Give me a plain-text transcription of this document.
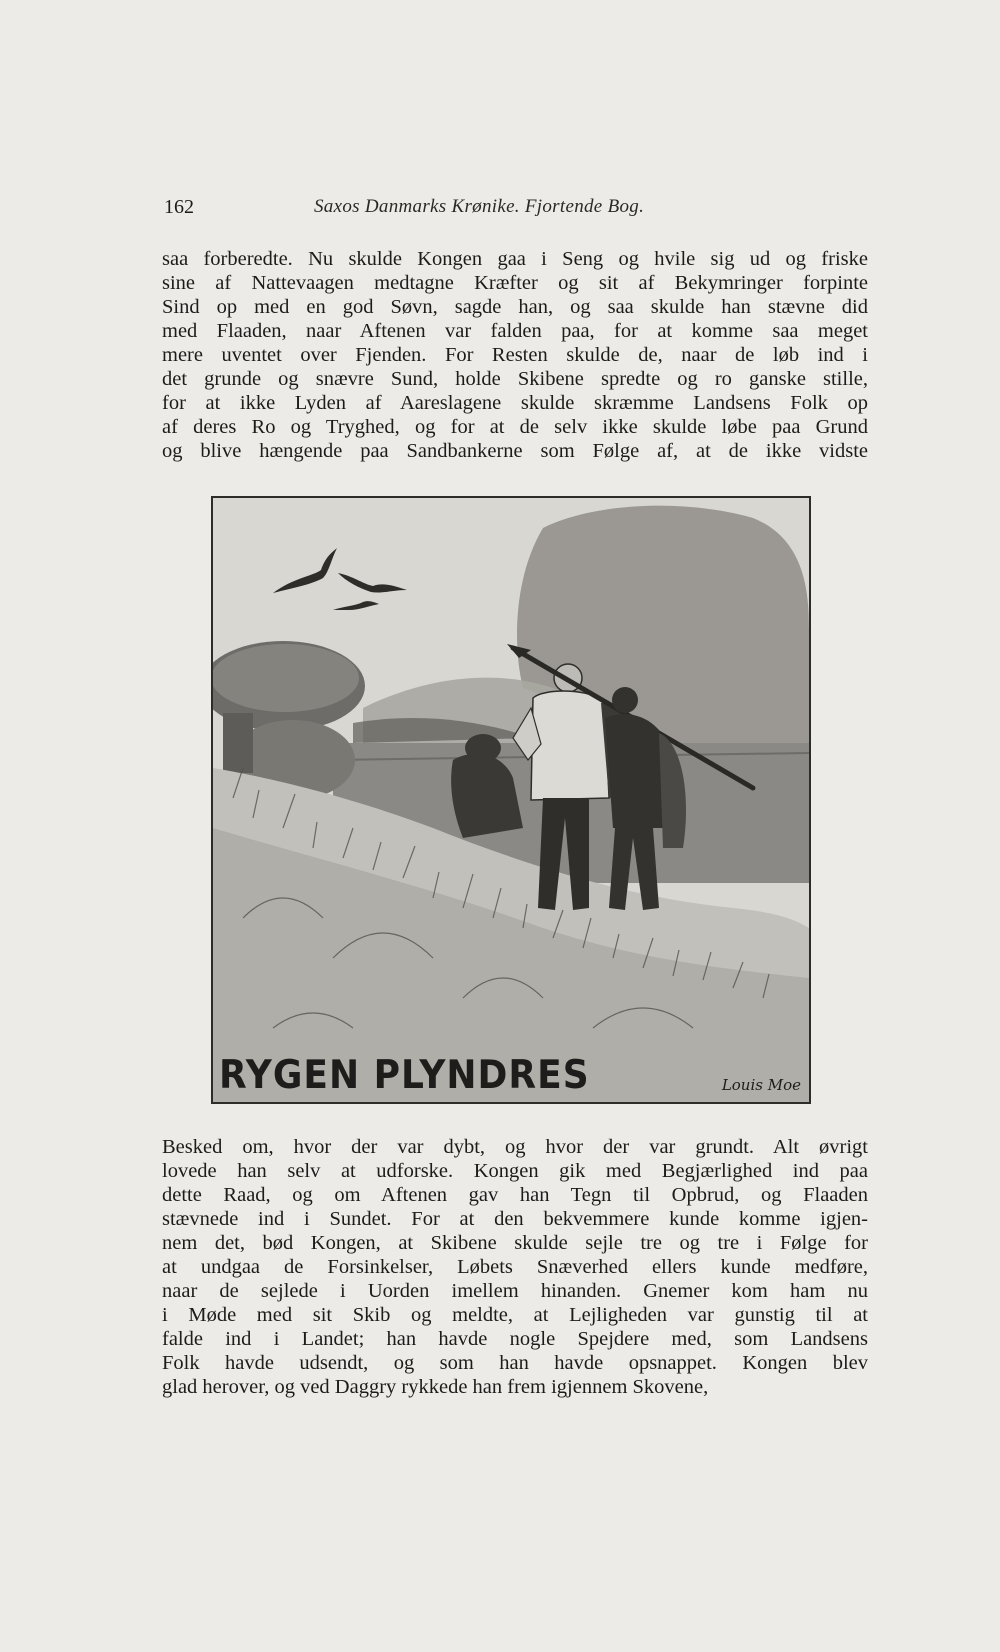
162	Saxos Danmarks Krønike. Fjortende Bog.
saa forberedte. Nu skulde Kongen gaa i Seng og hvile sig ud og friske
sine af Nattevaagen medtagne Kræfter og sit af Bekymringer forpinte
Sind op med en god Søvn, sagde han, og saa skulde han stævne did
med Flaaden, naar Aftenen var falden paa, for at komme saa meget
mere uventet over Fjenden. For Resten skulde de, naar de løb ind i
det grunde og snævre Sund, holde Skibene spredte og ro ganske stille,
for at ikke Lyden af Aareslagene skulde skræmme Landsens Folk op
af deres Ro og Tryghed, og for at de selv ikke skulde løbe paa Grund
og blive hængende paa Sandbankerne som Følge af, at de ikke vidste
RYGEN PLYNDRES	Louis Moe
Besked om, hvor der var dybt, og hvor der var grundt. Alt øvrigt
lovede han selv at udforske. Kongen gik med Begjærlighed ind paa
dette Raad, og om Aftenen gav han Tegn til Opbrud, og Flaaden
stævnede ind i Sundet. For at den bekvemmere kunde komme igjen-
nem det, bød Kongen, at Skibene skulde sejle tre og tre i Følge for
at undgaa de Forsinkelser, Løbets Snæverhed ellers kunde medføre,
naar de sejlede i Uorden imellem hinanden. Gnemer kom ham nu
i Møde med sit Skib og meldte, at Lejligheden var gunstig til at
falde ind i Landet; han havde nogle Spejdere med, som Landsens
Folk havde udsendt, og som han havde opsnappet. Kongen blev
glad herover, og ved Daggry rykkede han frem igjennem Skovene,
